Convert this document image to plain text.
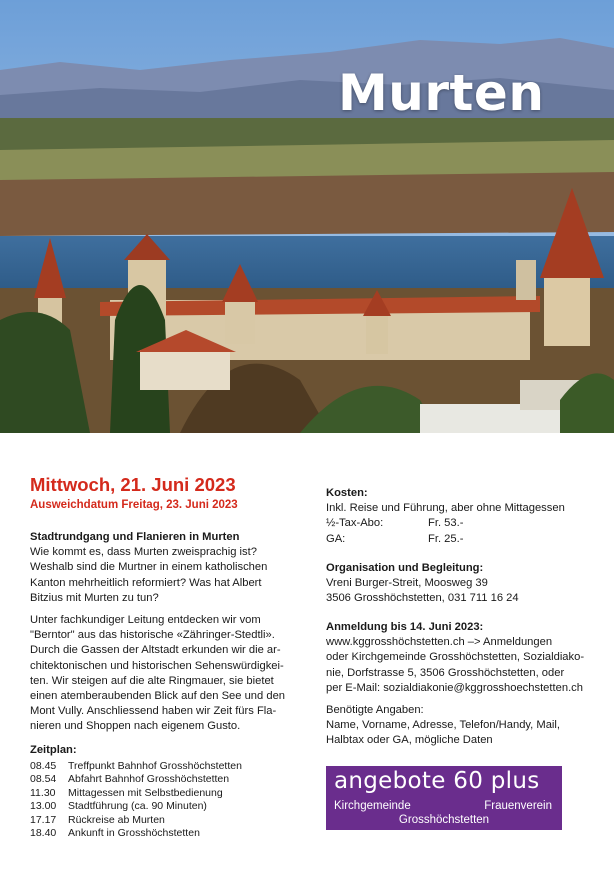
Murten
Mittwoch, 21. Juni 2023
Ausweichdatum Freitag, 23. Juni 2023
Stadtrundgang und Flanieren in Murten
Wie kommt es, dass Murten zweisprachig ist?
Weshalb sind die Murtner in einem katholischen
Kanton mehrheitlich reformiert? Was hat Albert
Bitzius mit Murten zu tun?
Unter fachkundiger Leitung entdecken wir vom
"Berntor" aus das historische «Zähringer-Stedtli».
Durch die Gassen der Altstadt erkunden wir die ar-
chitektonischen und historischen Sehenswürdigkei-
ten. Wir steigen auf die alte Ringmauer, sie bietet
einen atemberaubenden Blick auf den See und den
Mont Vully. Anschliessend haben wir Zeit fürs Fla-
nieren und Shoppen nach eigenem Gusto.
Zeitplan:
08.45	Treffpunkt Bahnhof Grosshöchstetten
08.54	Abfahrt Bahnhof Grosshöchstetten
11.30	Mittagessen mit Selbstbedienung
13.00	Stadtführung (ca. 90 Minuten)
17.17	Rückreise ab Murten
18.40	Ankunft in Grosshöchstetten
Kosten:
Inkl. Reise und Führung, aber ohne Mittagessen
½-Tax-Abo:	Fr. 53.-
GA:	Fr. 25.-
Organisation und Begleitung:
Vreni Burger-Streit, Moosweg 39
3506 Grosshöchstetten, 031 711 16 24
Anmeldung bis 14. Juni 2023:
www.kggrosshöchstetten.ch –> Anmeldungen
oder Kirchgemeinde Grosshöchstetten, Sozialdiako-
nie, Dorfstrasse 5, 3506 Grosshöchstetten, oder
per E-Mail: sozialdiakonie@kggrosshoechstetten.ch
Benötigte Angaben:
Name, Vorname, Adresse, Telefon/Handy, Mail,
Halbtax oder GA, mögliche Daten
angebote 60 plus
Kirchgemeinde	Frauenverein
Grosshöchstetten
